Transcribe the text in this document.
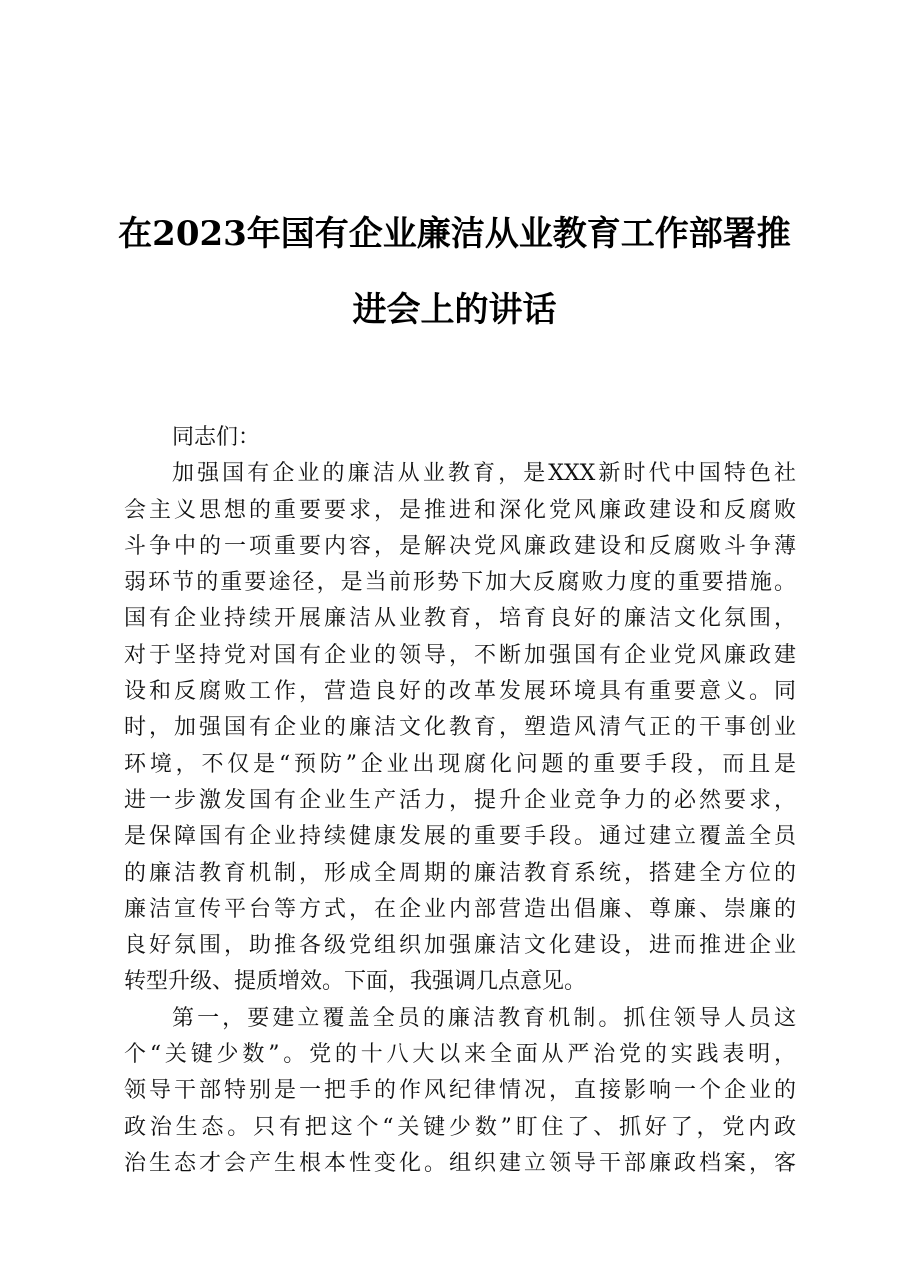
在2023年国有企业廉洁从业教育工作部署推
进会上的讲话
同志们：
加强国有企业的廉洁从业教育，是XXX新时代中国特色社
会主义思想的重要要求，是推进和深化党风廉政建设和反腐败
斗争中的一项重要内容，是解决党风廉政建设和反腐败斗争薄
弱环节的重要途径，是当前形势下加大反腐败力度的重要措施。
国有企业持续开展廉洁从业教育，培育良好的廉洁文化氛围，
对于坚持党对国有企业的领导，不断加强国有企业党风廉政建
设和反腐败工作，营造良好的改革发展环境具有重要意义。同
时，加强国有企业的廉洁文化教育，塑造风清气正的干事创业
环境，不仅是“预防”企业出现腐化问题的重要手段，而且是
进一步激发国有企业生产活力，提升企业竞争力的必然要求，
是保障国有企业持续健康发展的重要手段。通过建立覆盖全员
的廉洁教育机制，形成全周期的廉洁教育系统，搭建全方位的
廉洁宣传平台等方式，在企业内部营造出倡廉、尊廉、崇廉的
良好氛围，助推各级党组织加强廉洁文化建设，进而推进企业
转型升级、提质增效。下面，我强调几点意见。
第一，要建立覆盖全员的廉洁教育机制。抓住领导人员这
个“关键少数”。党的十八大以来全面从严治党的实践表明，
领导干部特别是一把手的作风纪律情况，直接影响一个企业的
政治生态。只有把这个“关键少数”盯住了、抓好了，党内政
治生态才会产生根本性变化。组织建立领导干部廉政档案，客
